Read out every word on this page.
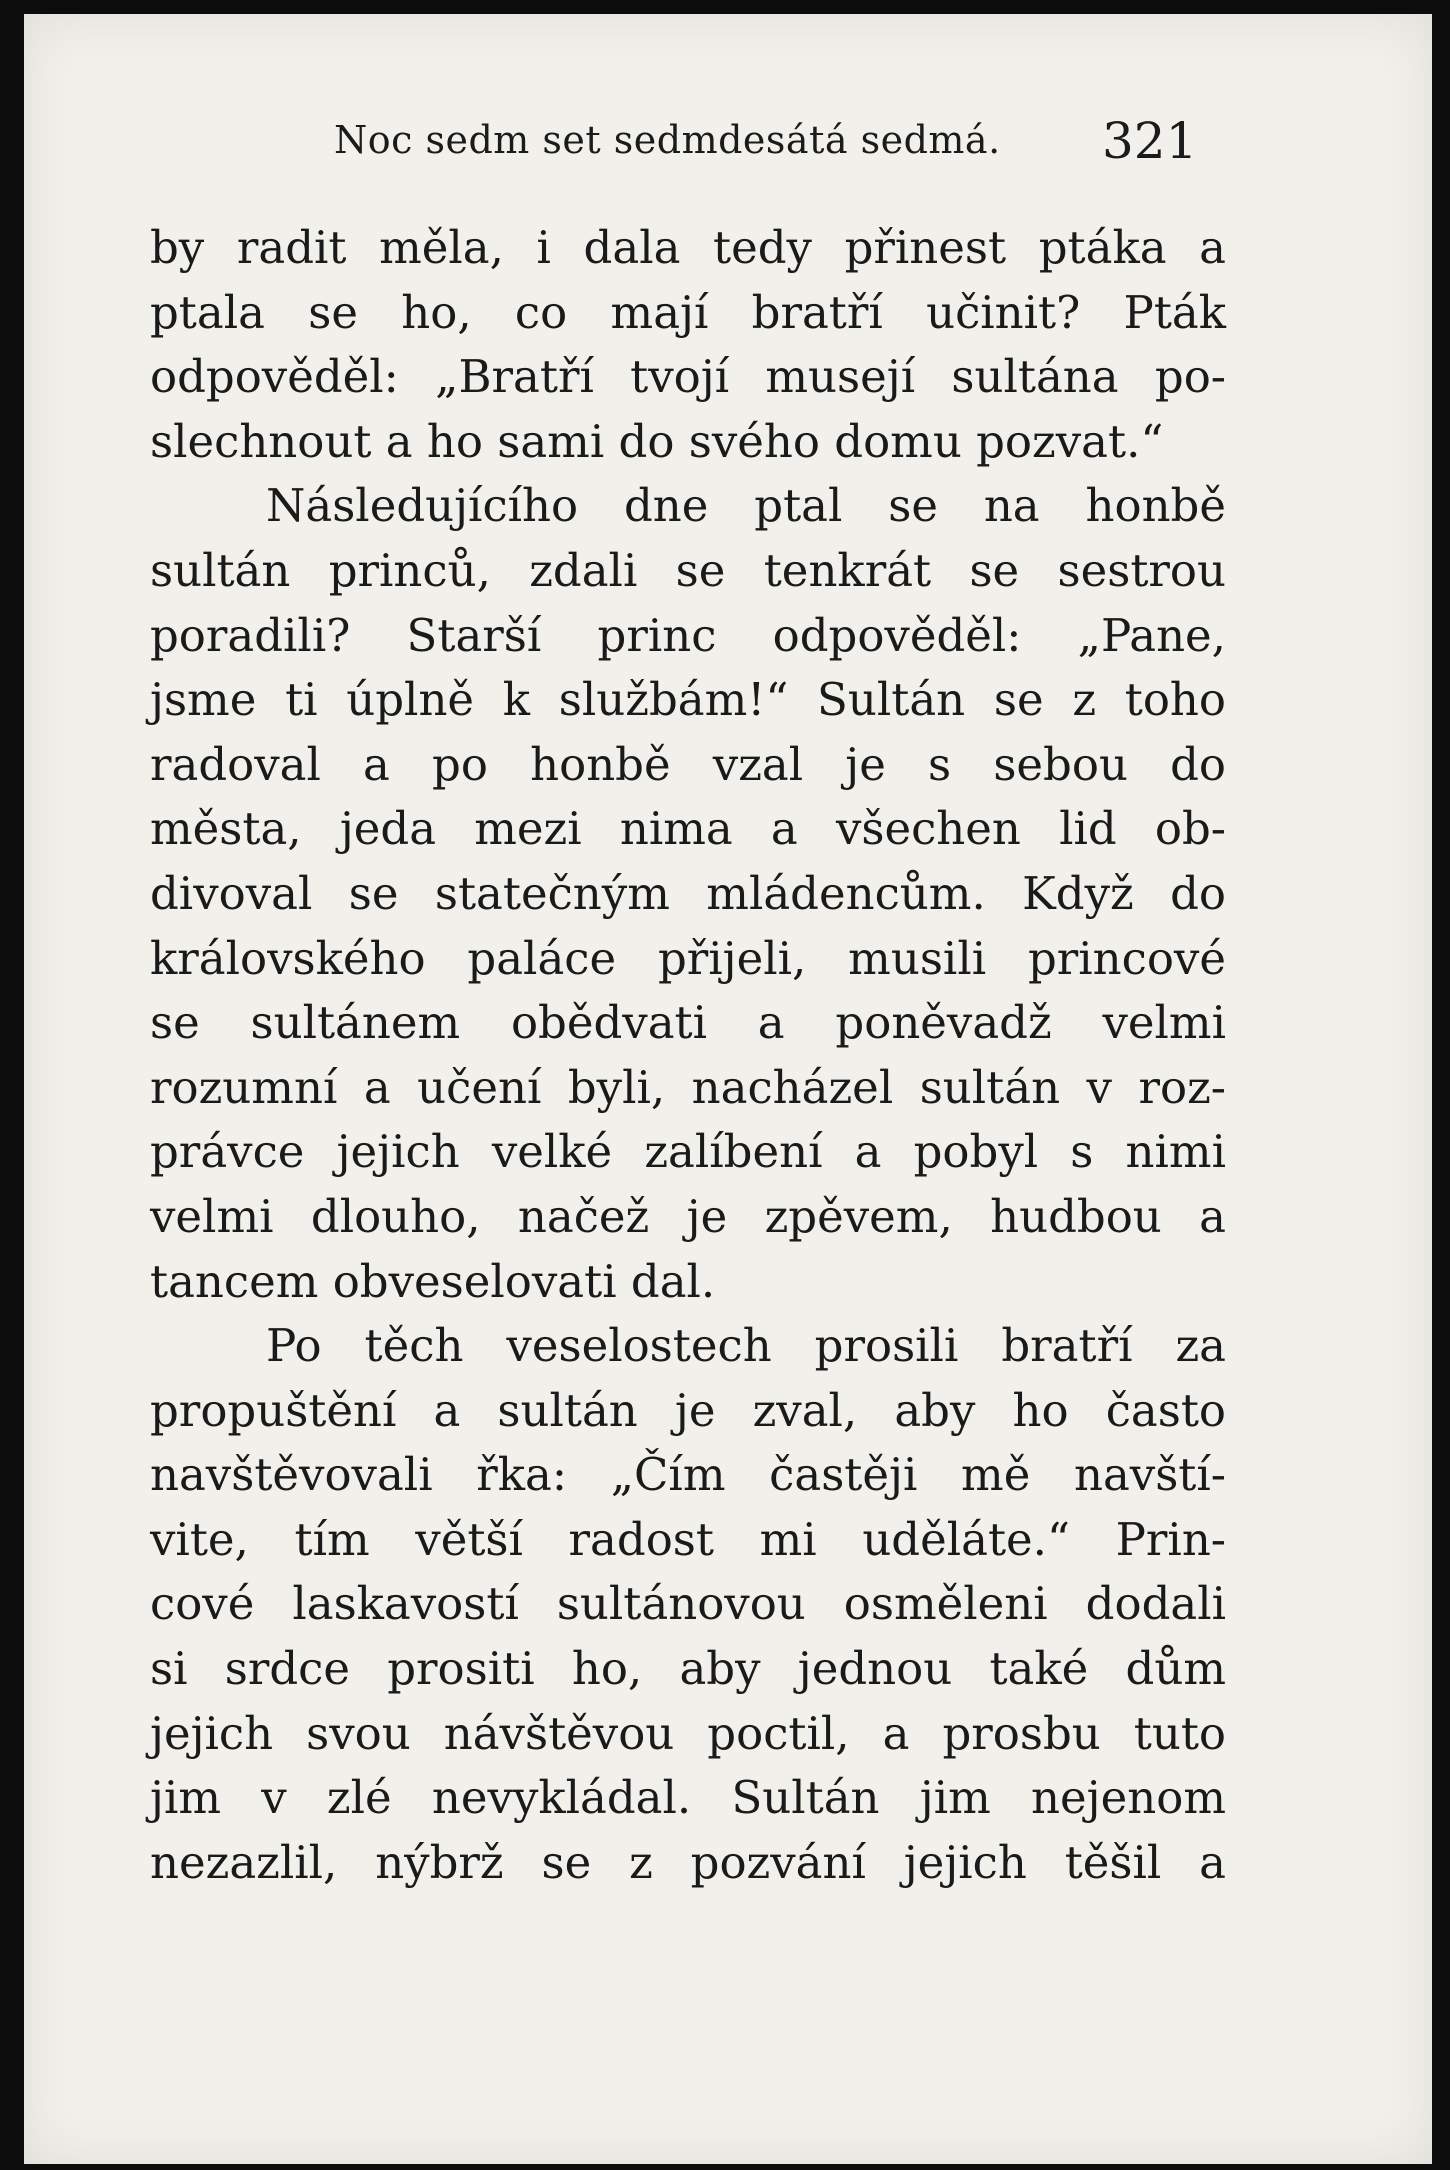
Noc sedm set sedmdesátá sedmá. 321
by radit měla, i dala tedy přinest ptáka a
ptala se ho, co mají bratří učinit? Pták
odpověděl: „Bratří tvojí musejí sultána po-
slechnout a ho sami do svého domu pozvat.“
Následujícího dne ptal se na honbě
sultán princů, zdali se tenkrát se sestrou
poradili? Starší princ odpověděl: „Pane,
jsme ti úplně k službám!“ Sultán se z toho
radoval a po honbě vzal je s sebou do
města, jeda mezi nima a všechen lid ob-
divoval se statečným mládencům. Když do
královského paláce přijeli, musili princové
se sultánem obědvati a poněvadž velmi
rozumní a učení byli, nacházel sultán v roz-
právce jejich velké zalíbení a pobyl s nimi
velmi dlouho, načež je zpěvem, hudbou a
tancem obveselovati dal.
Po těch veselostech prosili bratří za
propuštění a sultán je zval, aby ho často
navštěvovali řka: „Čím častěji mě navští-
vite, tím větší radost mi uděláte.“ Prin-
cové laskavostí sultánovou osměleni dodali
si srdce prositi ho, aby jednou také dům
jejich svou návštěvou poctil, a prosbu tuto
jim v zlé nevykládal. Sultán jim nejenom
nezazlil, nýbrž se z pozvání jejich těšil a
